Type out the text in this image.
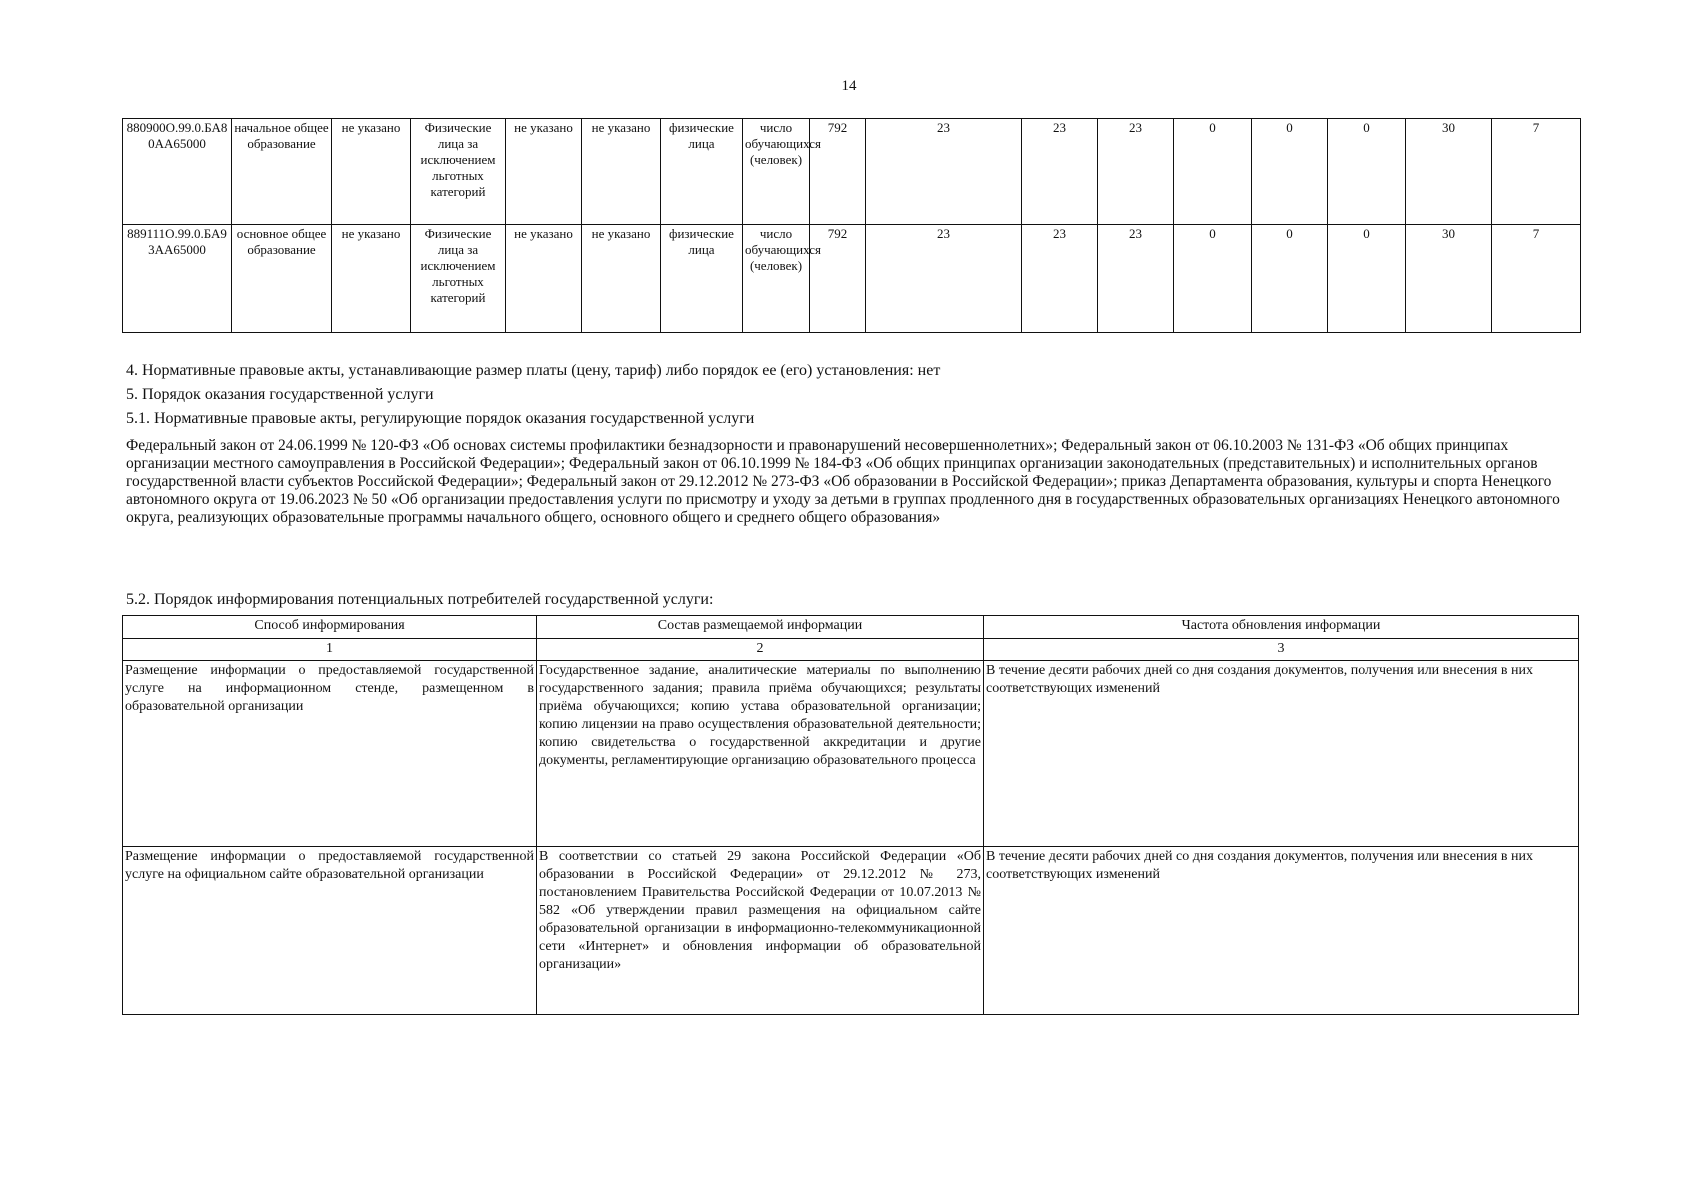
14
880900О.99.0.БА80АА65000	начальное общее образование	не указано	Физические лица за исключением льготных категорий	не указано	не указано	физические лица	число обучающихся (человек)	792	23	23	23	0	0	0	30	7
889111О.99.0.БА93АА65000	основное общее образование	не указано	Физические лица за исключением льготных категорий	не указано	не указано	физические лица	число обучающихся (человек)	792	23	23	23	0	0	0	30	7
4. Нормативные правовые акты, устанавливающие размер платы (цену, тариф) либо порядок ее (его) установления: нет
5. Порядок оказания государственной услуги
5.1. Нормативные правовые акты, регулирующие порядок оказания государственной услуги
Федеральный закон от 24.06.1999 № 120-ФЗ «Об основах системы профилактики безнадзорности и правонарушений несовершеннолетних»; Федеральный закон от 06.10.2003 № 131-ФЗ «Об общих принципах организации местного самоуправления в Российской Федерации»; Федеральный закон от 06.10.1999 № 184-ФЗ «Об общих принципах организации законодательных (представительных) и исполнительных органов государственной власти субъектов Российской Федерации»; Федеральный закон от 29.12.2012 № 273-ФЗ «Об образовании в Российской Федерации»; приказ Департамента образования, культуры и спорта Ненецкого автономного округа от 19.06.2023 № 50 «Об организации предоставления услуги по присмотру и уходу за детьми в группах продленного дня в государственных образовательных организациях Ненецкого автономного округа, реализующих образовательные программы начального общего, основного общего и среднего общего образования»
5.2. Порядок информирования потенциальных потребителей государственной услуги:
Способ информирования	Состав размещаемой информации	Частота обновления информации
1	2	3
Размещение информации о предоставляемой государственной услуге на информационном стенде, размещенном в образовательной организации	Государственное задание, аналитические материалы по выполнению государственного задания; правила приёма обучающихся; результаты приёма обучающихся; копию устава образовательной организации; копию лицензии на право осуществления образовательной деятельности; копию свидетельства о государственной аккредитации и другие документы, регламентирующие организацию образовательного процесса	В течение десяти рабочих дней со дня создания документов, получения или внесения в них соответствующих изменений
Размещение информации о предоставляемой государственной услуге на официальном сайте образовательной организации	В соответствии со статьей 29 закона Российской Федерации «Об образовании в Российской Федерации» от 29.12.2012 № 273, постановлением Правительства Российской Федерации от 10.07.2013 № 582 «Об утверждении правил размещения на официальном сайте образовательной организации в информационно-телекоммуникационной сети «Интернет» и обновления информации об образовательной организации»	В течение десяти рабочих дней со дня создания документов, получения или внесения в них соответствующих изменений
